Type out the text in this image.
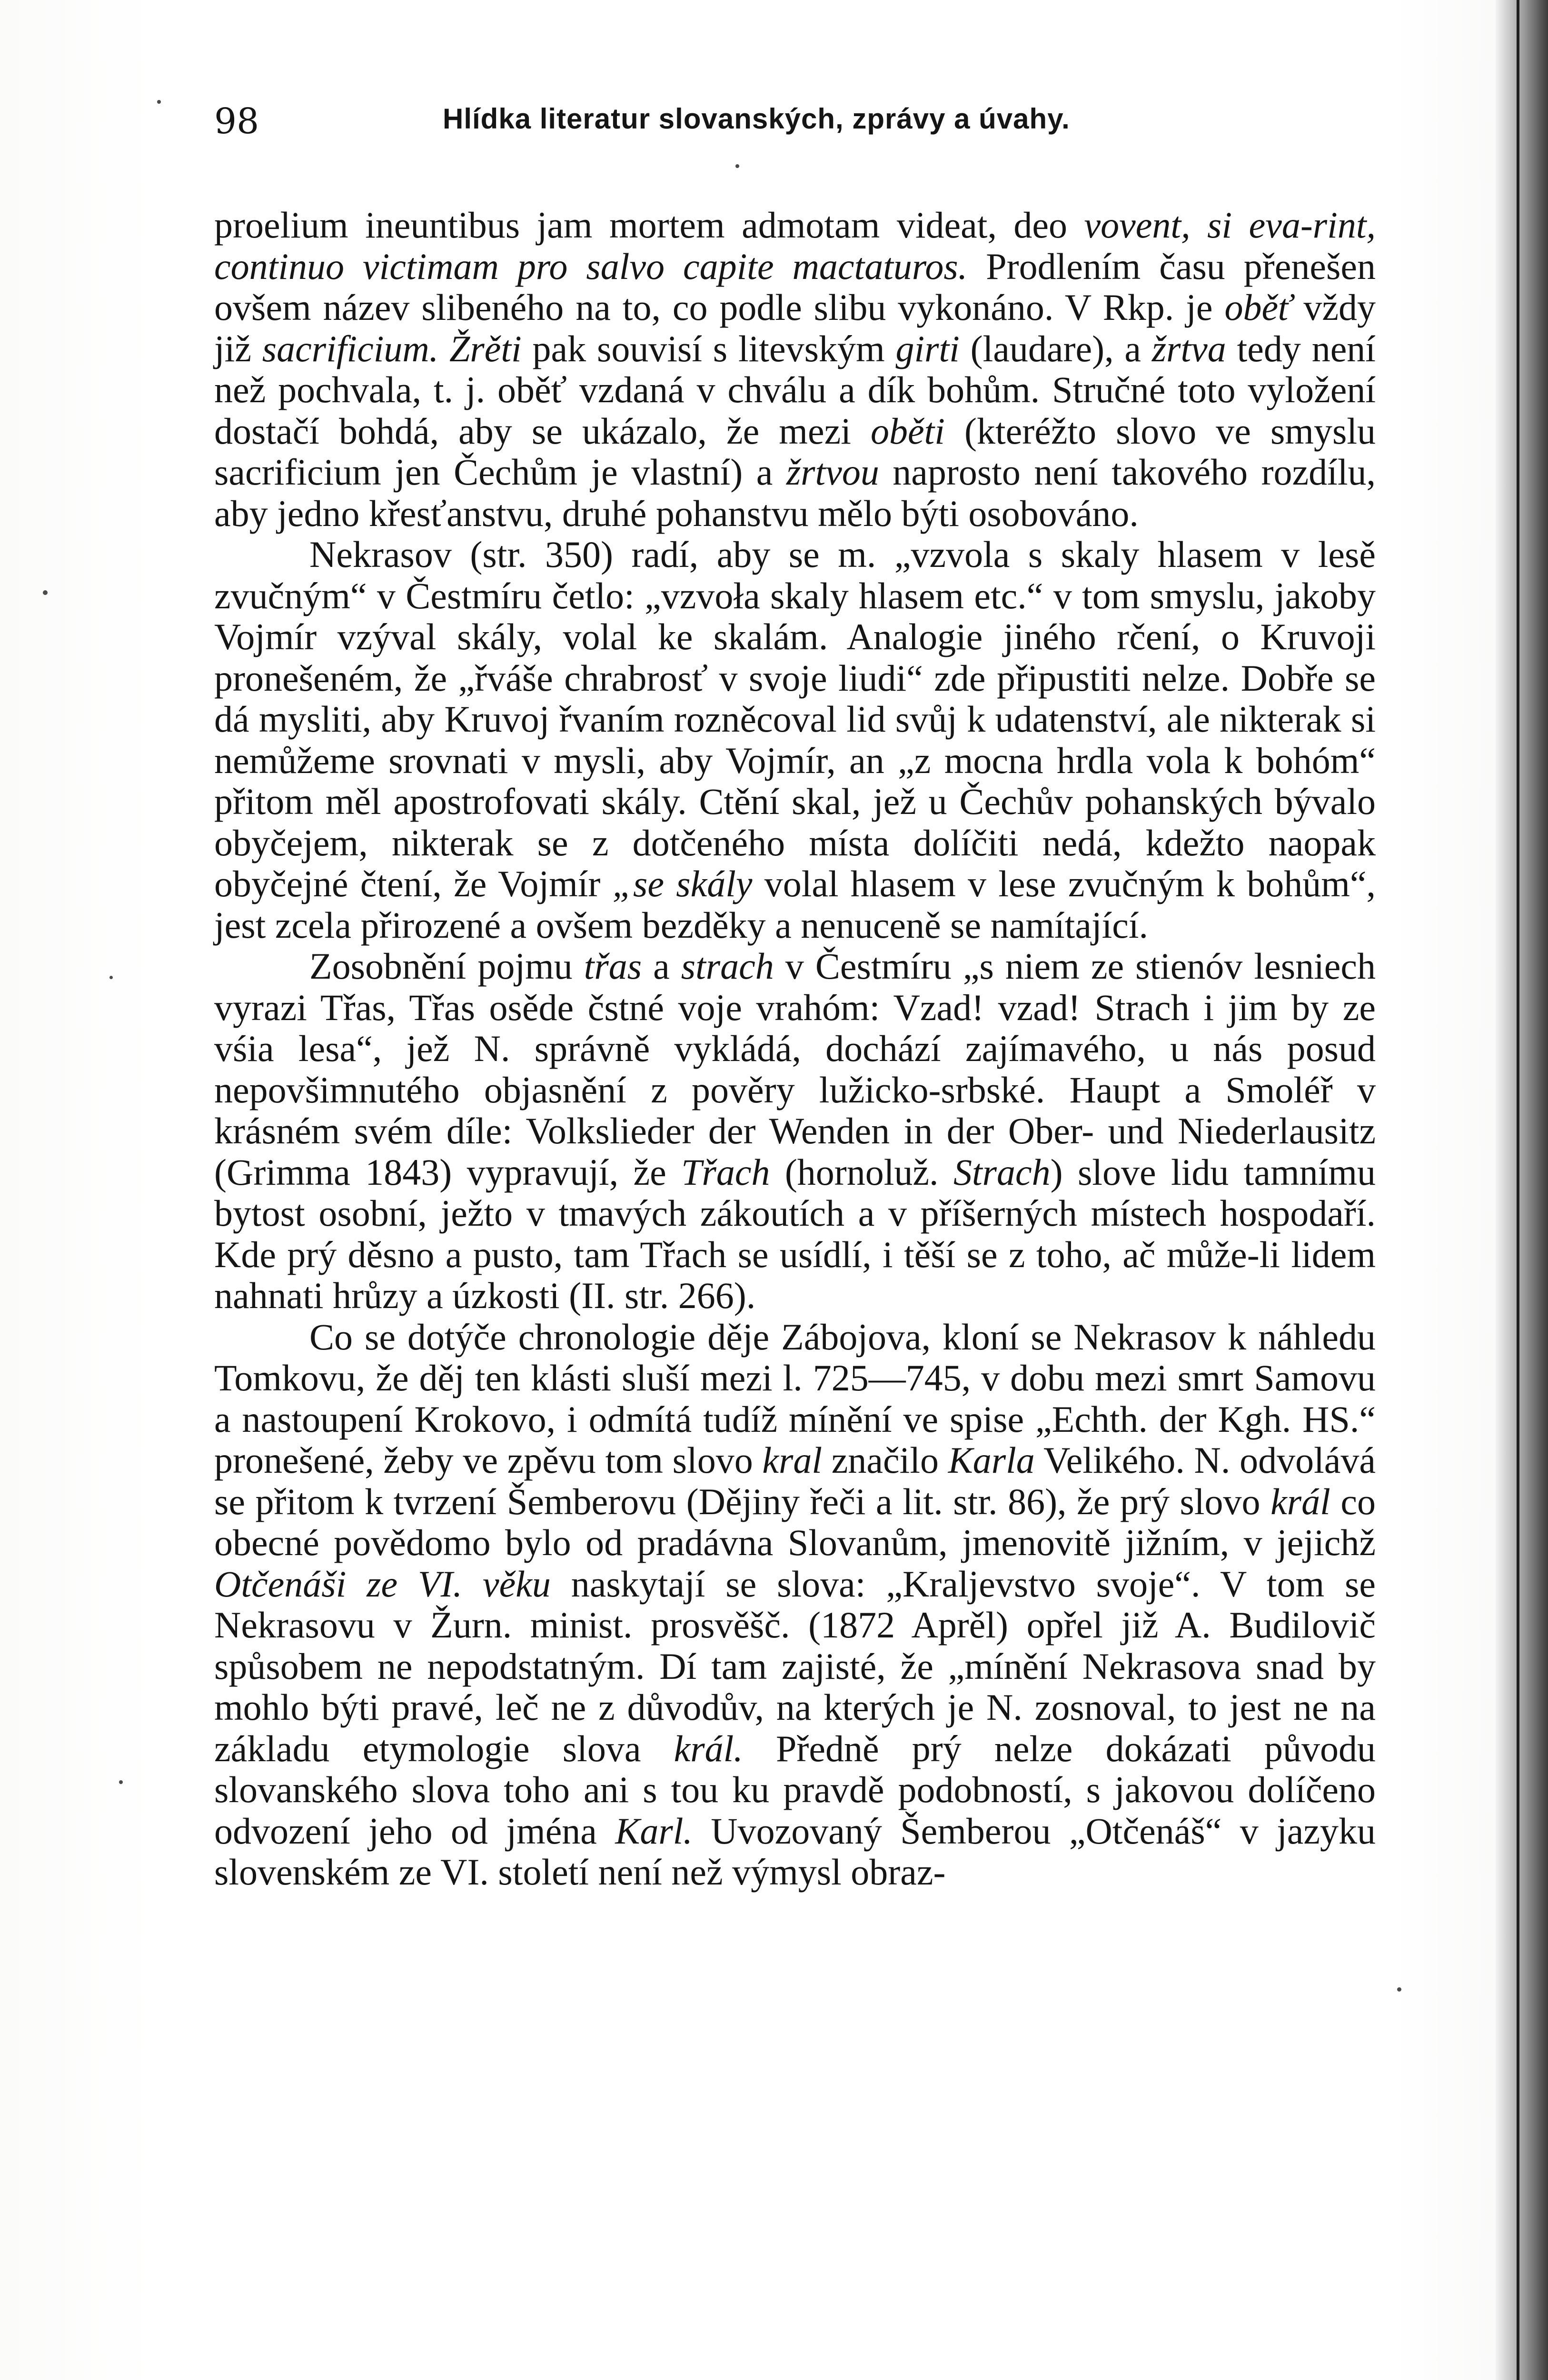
98	Hlídka literatur slovanských, zprávy a úvahy.

proelium ineuntibus jam mortem admotam videat, deo vovent, si eva-rint, continuo victimam pro salvo capite mactaturos. Prodlením času přenešen ovšem název slibeného na to, co podle slibu vykonáno. V Rkp. je oběť vždy již sacrificium. Žrěti pak souvisí s litevským girti (laudare), a žrtva tedy není než pochvala, t. j. oběť vzdaná v chválu a dík bohům. Stručné toto vyložení dostačí bohdá, aby se ukázalo, že mezi oběti (kteréžto slovo ve smyslu sacrificium jen Čechům je vlastní) a žrtvou naprosto není takového rozdílu, aby jedno křesťanstvu, druhé pohanstvu mělo býti osobováno.

Nekrasov (str. 350) radí, aby se m. „vzvola s skaly hlasem v lesě zvučným“ v Čestmíru četlo: „vzvoła skaly hlasem etc.“ v tom smyslu, jakoby Vojmír vzýval skály, volal ke skalám. Analogie jiného rčení, o Kruvoji pronešeném, že „řváše chrabrosť v svoje liudi“ zde připustiti nelze. Dobře se dá mysliti, aby Kruvoj řvaním rozněcoval lid svůj k udatenství, ale nikterak si nemůžeme srovnati v mysli, aby Vojmír, an „z mocna hrdla vola k bohóm“ přitom měl apostrofovati skály. Ctění skal, jež u Čechův pohanských bývalo obyčejem, nikterak se z dotčeného místa dolíčiti nedá, kdežto naopak obyčejné čtení, že Vojmír „se skály volal hlasem v lese zvučným k bohům“, jest zcela přirozené a ovšem bezděky a nenuceně se namítající.

Zosobnění pojmu třas a strach v Čestmíru „s niem ze stienóv lesniech vyrazi Třas, Třas osěde čstné voje vrahóm: Vzad! vzad! Strach i jim by ze vśia lesa“, jež N. správně vykládá, dochází zajímavého, u nás posud nepovšimnutého objasnění z pověry lužicko-srbské. Haupt a Smoléř v krásném svém díle: Volkslieder der Wenden in der Ober- und Niederlausitz (Grimma 1843) vypravují, že Třach (hornoluž. Strach) slove lidu tamnímu bytost osobní, ježto v tmavých zákoutích a v příšerných místech hospodaří. Kde prý děsno a pusto, tam Třach se usídlí, i těší se z toho, ač může-li lidem nahnati hrůzy a úzkosti (II. str. 266).

Co se dotýče chronologie děje Zábojova, kloní se Nekrasov k náhledu Tomkovu, že děj ten klásti sluší mezi l. 725—745, v dobu mezi smrt Samovu a nastoupení Krokovo, i odmítá tudíž mínění ve spise „Echth. der Kgh. HS.“ pronešené, žeby ve zpěvu tom slovo kral značilo Karla Velikého. N. odvolává se přitom k tvrzení Šemberovu (Dějiny řeči a lit. str. 86), že prý slovo král co obecné povědomo bylo od pradávna Slovanům, jmenovitě jižním, v jejichž Otčenáši ze VI. věku naskytají se slova: „Kraljevstvo svoje“. V tom se Nekrasovu v Žurn. minist. prosvěšč. (1872 Aprěl) opřel již A. Budilovič spůsobem ne nepodstatným. Dí tam zajisté, že „mínění Nekrasova snad by mohlo býti pravé, leč ne z důvodův, na kterých je N. zosnoval, to jest ne na základu etymologie slova král. Předně prý nelze dokázati původu slovanského slova toho ani s tou ku pravdě podobností, s jakovou dolíčeno odvození jeho od jména Karl. Uvozovaný Šemberou „Otčenáš“ v jazyku slovenském ze VI. století není než výmysl obraz-
